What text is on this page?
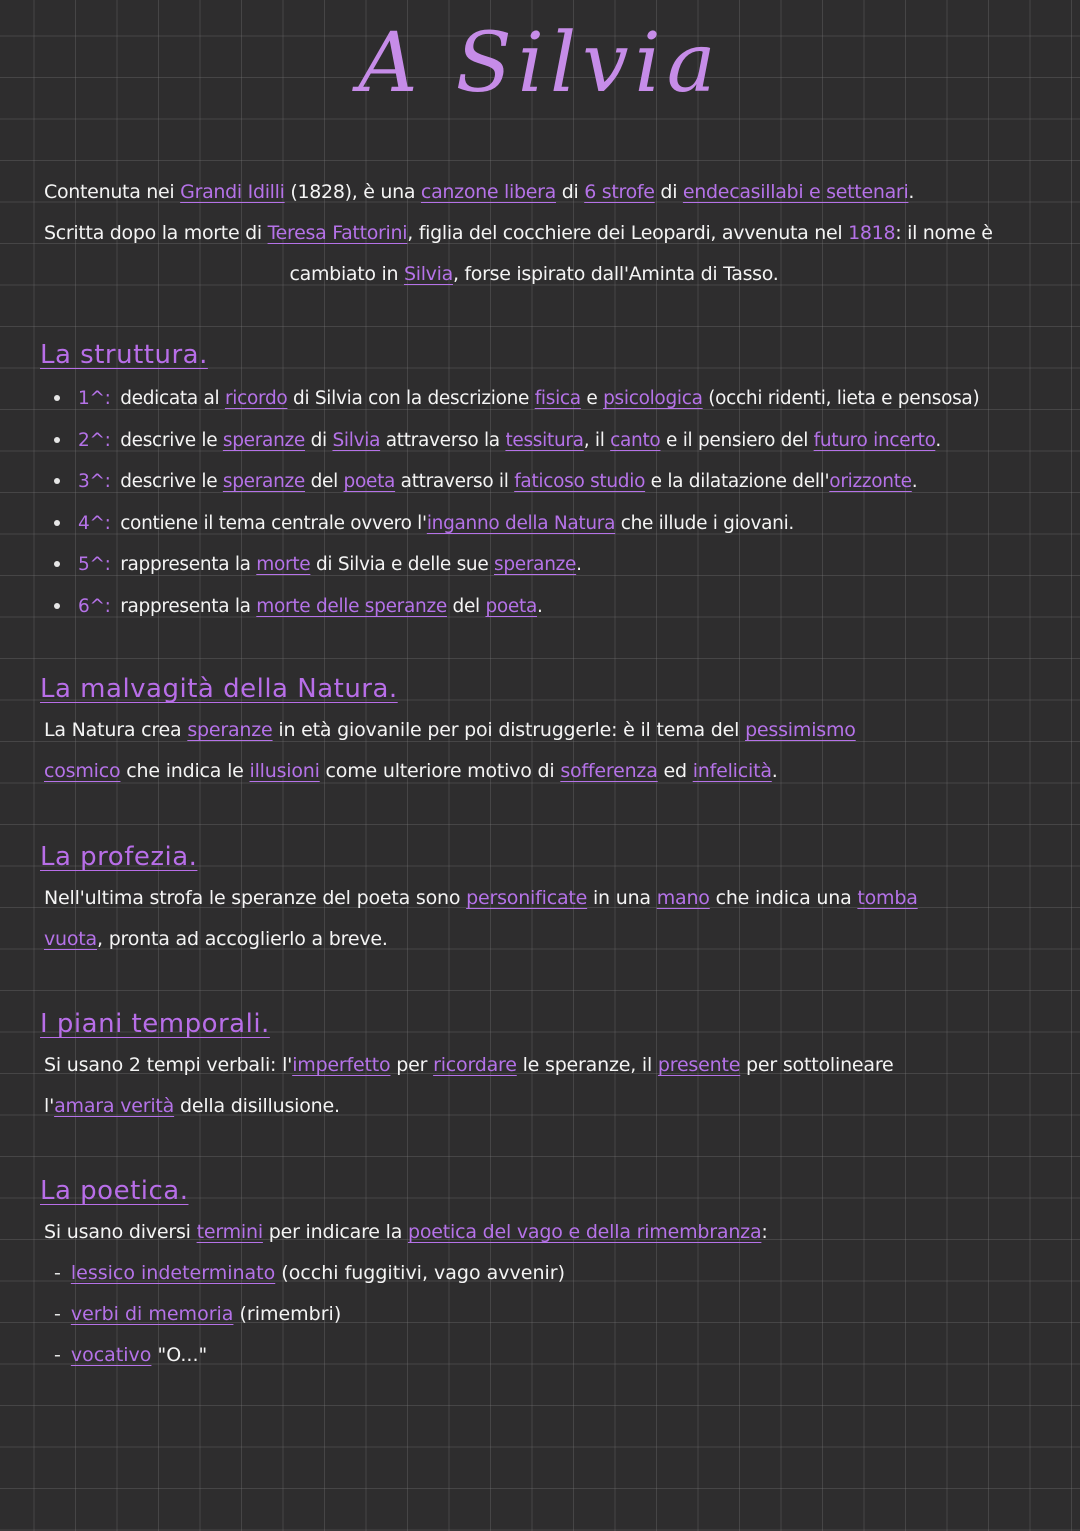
A Silvia
Contenuta nei Grandi Idilli (1828), è una canzone libera di 6 strofe di endecasillabi e settenari.
Scritta dopo la morte di Teresa Fattorini, figlia del cocchiere dei Leopardi, avvenuta nel 1818: il nome è
cambiato in Silvia, forse ispirato dall'Aminta di Tasso.
La struttura.
1^: dedicata al ricordo di Silvia con la descrizione fisica e psicologica (occhi ridenti, lieta e pensosa)
2^: descrive le speranze di Silvia attraverso la tessitura, il canto e il pensiero del futuro incerto.
3^: descrive le speranze del poeta attraverso il faticoso studio e la dilatazione dell'orizzonte.
4^: contiene il tema centrale ovvero l'inganno della Natura che illude i giovani.
5^: rappresenta la morte di Silvia e delle sue speranze.
6^: rappresenta la morte delle speranze del poeta.
La malvagità della Natura.
La Natura crea speranze in età giovanile per poi distruggerle: è il tema del pessimismo
cosmico che indica le illusioni come ulteriore motivo di sofferenza ed infelicità.
La profezia.
Nell'ultima strofa le speranze del poeta sono personificate in una mano che indica una tomba
vuota, pronta ad accoglierlo a breve.
I piani temporali.
Si usano 2 tempi verbali: l'imperfetto per ricordare le speranze, il presente per sottolineare
l'amara verità della disillusione.
La poetica.
Si usano diversi termini per indicare la poetica del vago e della rimembranza:
- lessico indeterminato (occhi fuggitivi, vago avvenir)
- verbi di memoria (rimembri)
- vocativo "O..."
